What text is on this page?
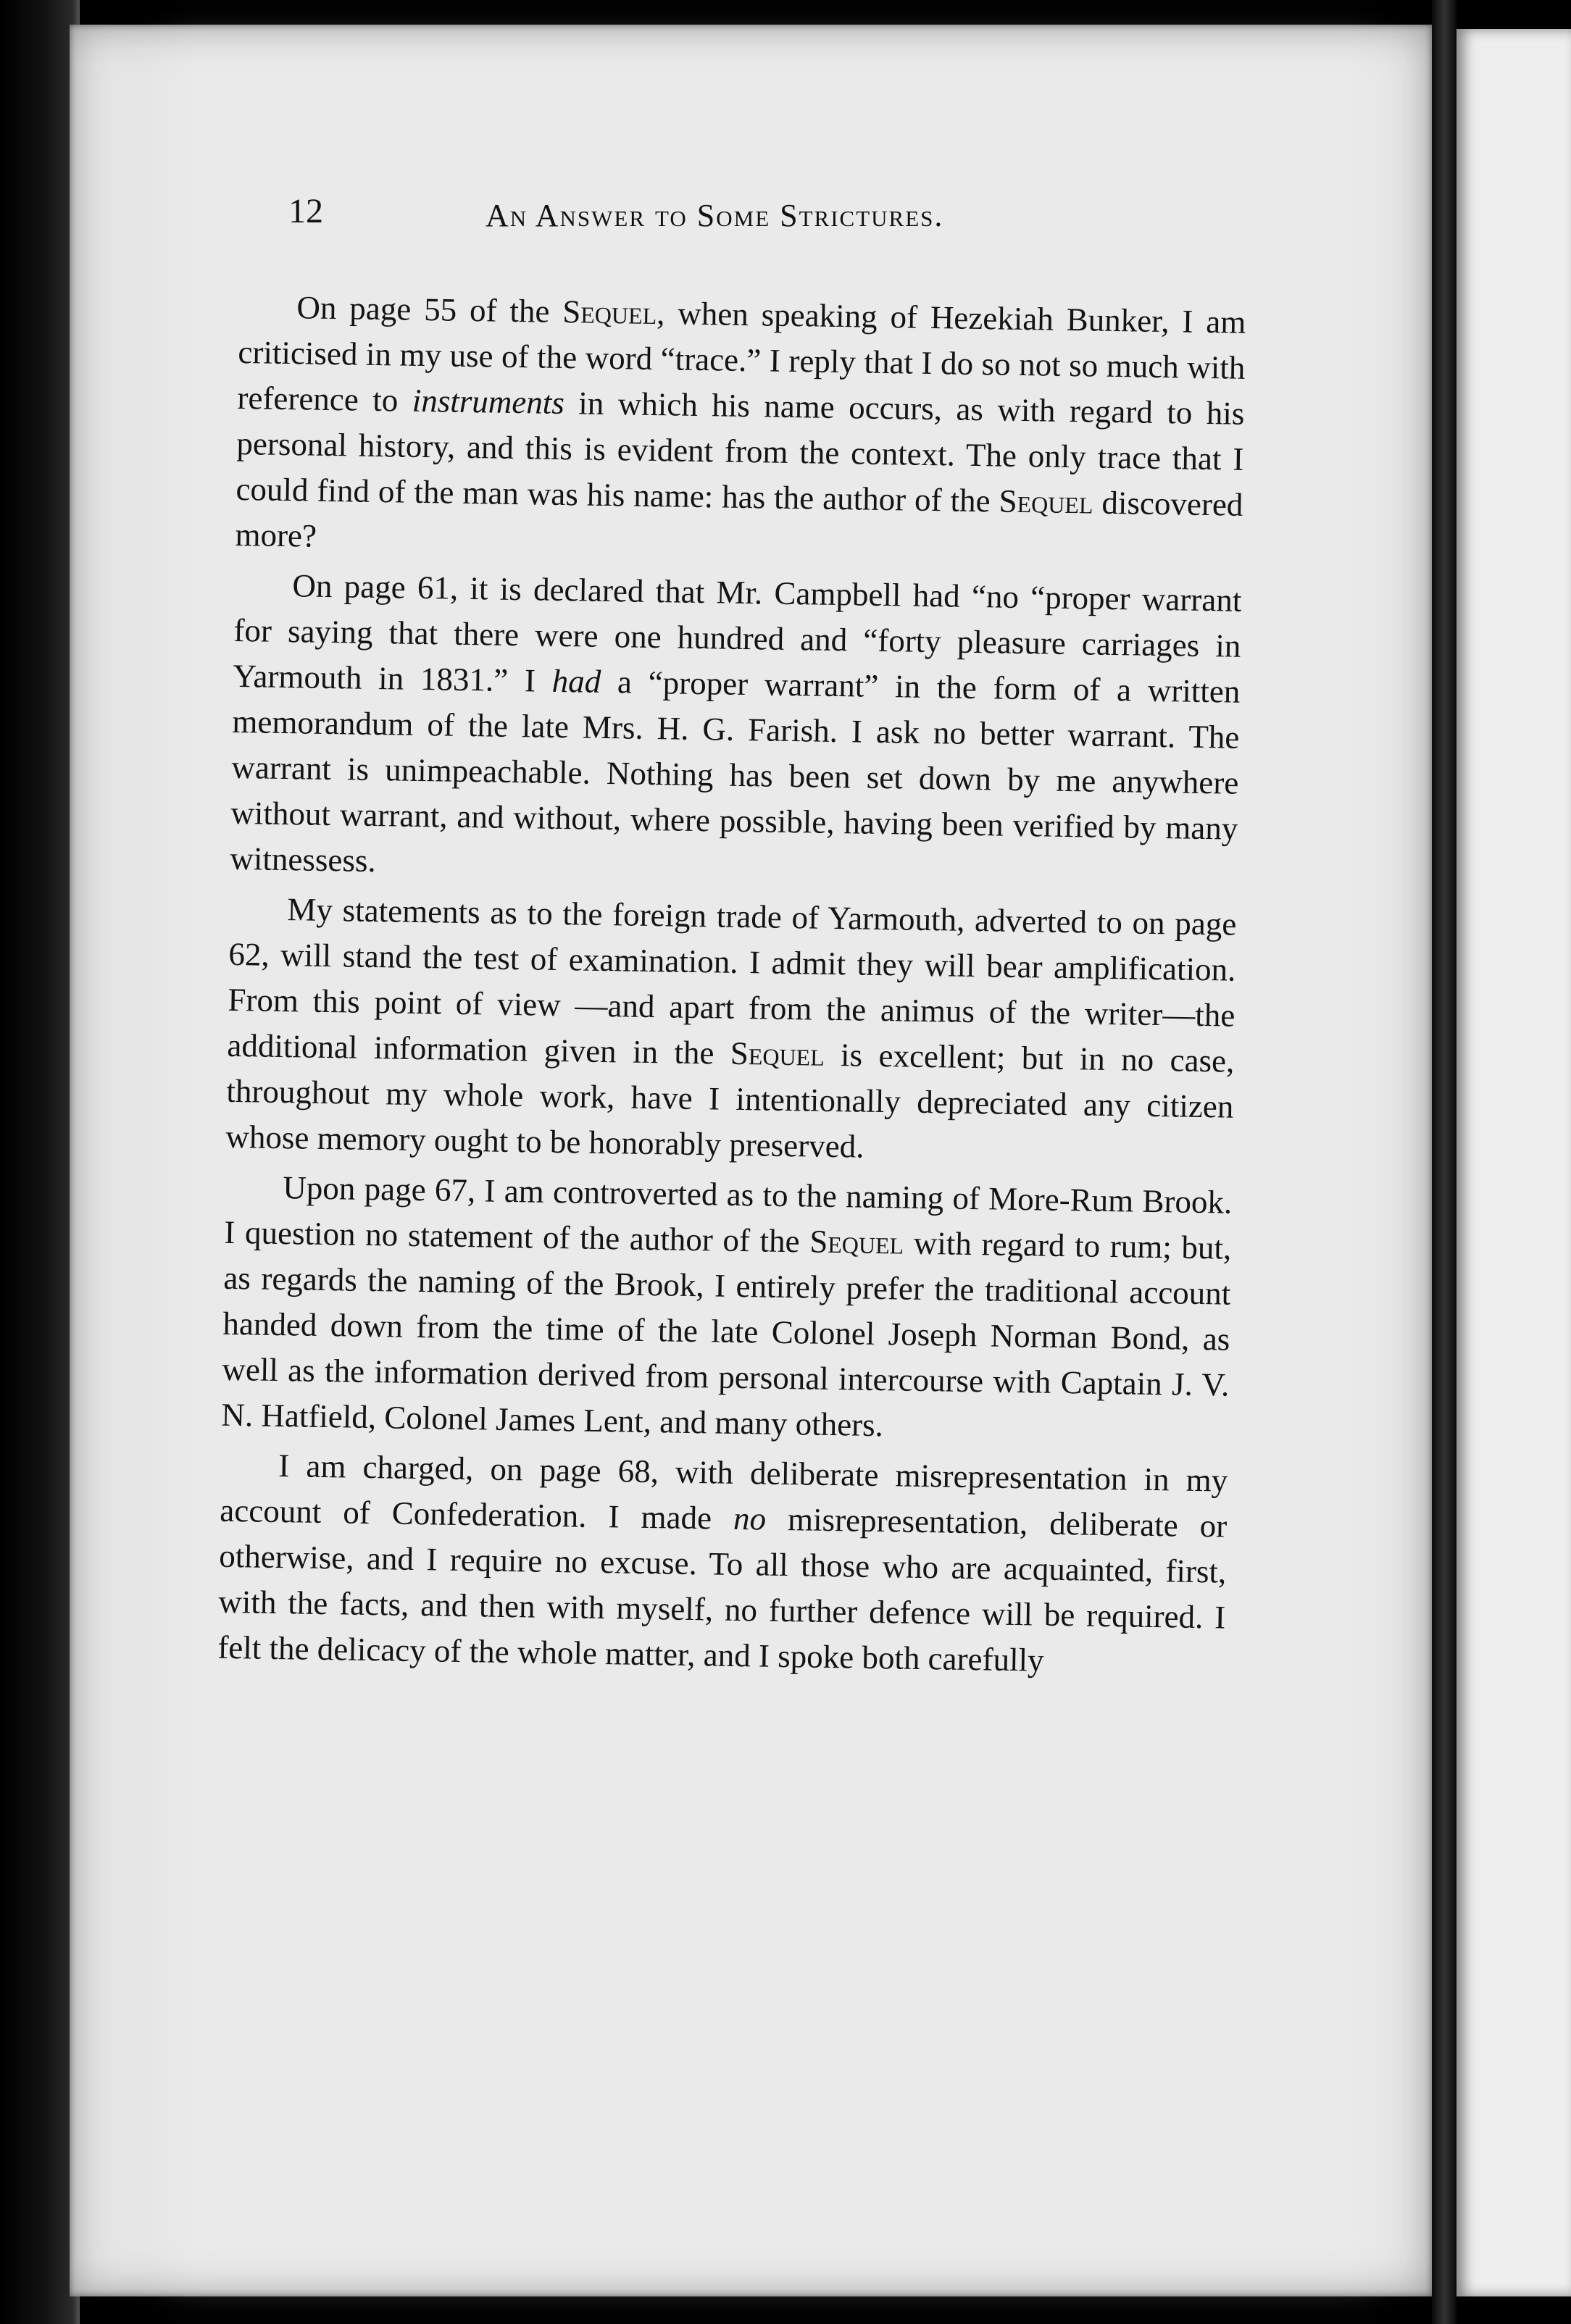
12	An Answer to Some Strictures.

On page 55 of the Sequel, when speaking of Hezekiah Bunker, I am criticised in my use of the word “trace.” I reply that I do so not so much with reference to instruments in which his name occurs, as with regard to his personal history, and this is evident from the context. The only trace that I could find of the man was his name: has the author of the Sequel discovered more?

On page 61, it is declared that Mr. Campbell had “no “proper warrant for saying that there were one hundred and “forty pleasure carriages in Yarmouth in 1831.” I had a “proper warrant” in the form of a written memorandum of the late Mrs. H. G. Farish. I ask no better warrant. The warrant is unimpeachable. Nothing has been set down by me anywhere without warrant, and without, where possible, having been verified by many witnessess.

My statements as to the foreign trade of Yarmouth, adverted to on page 62, will stand the test of examination. I admit they will bear amplification. From this point of view —and apart from the animus of the writer—the additional information given in the Sequel is excellent; but in no case, throughout my whole work, have I intentionally depreciated any citizen whose memory ought to be honorably preserved.

Upon page 67, I am controverted as to the naming of More-Rum Brook. I question no statement of the author of the Sequel with regard to rum; but, as regards the naming of the Brook, I entirely prefer the traditional account handed down from the time of the late Colonel Joseph Norman Bond, as well as the information derived from personal intercourse with Captain J. V. N. Hatfield, Colonel James Lent, and many others.

I am charged, on page 68, with deliberate misrepresentation in my account of Confederation. I made no misrepresentation, deliberate or otherwise, and I require no excuse. To all those who are acquainted, first, with the facts, and then with myself, no further defence will be required. I felt the delicacy of the whole matter, and I spoke both carefully
